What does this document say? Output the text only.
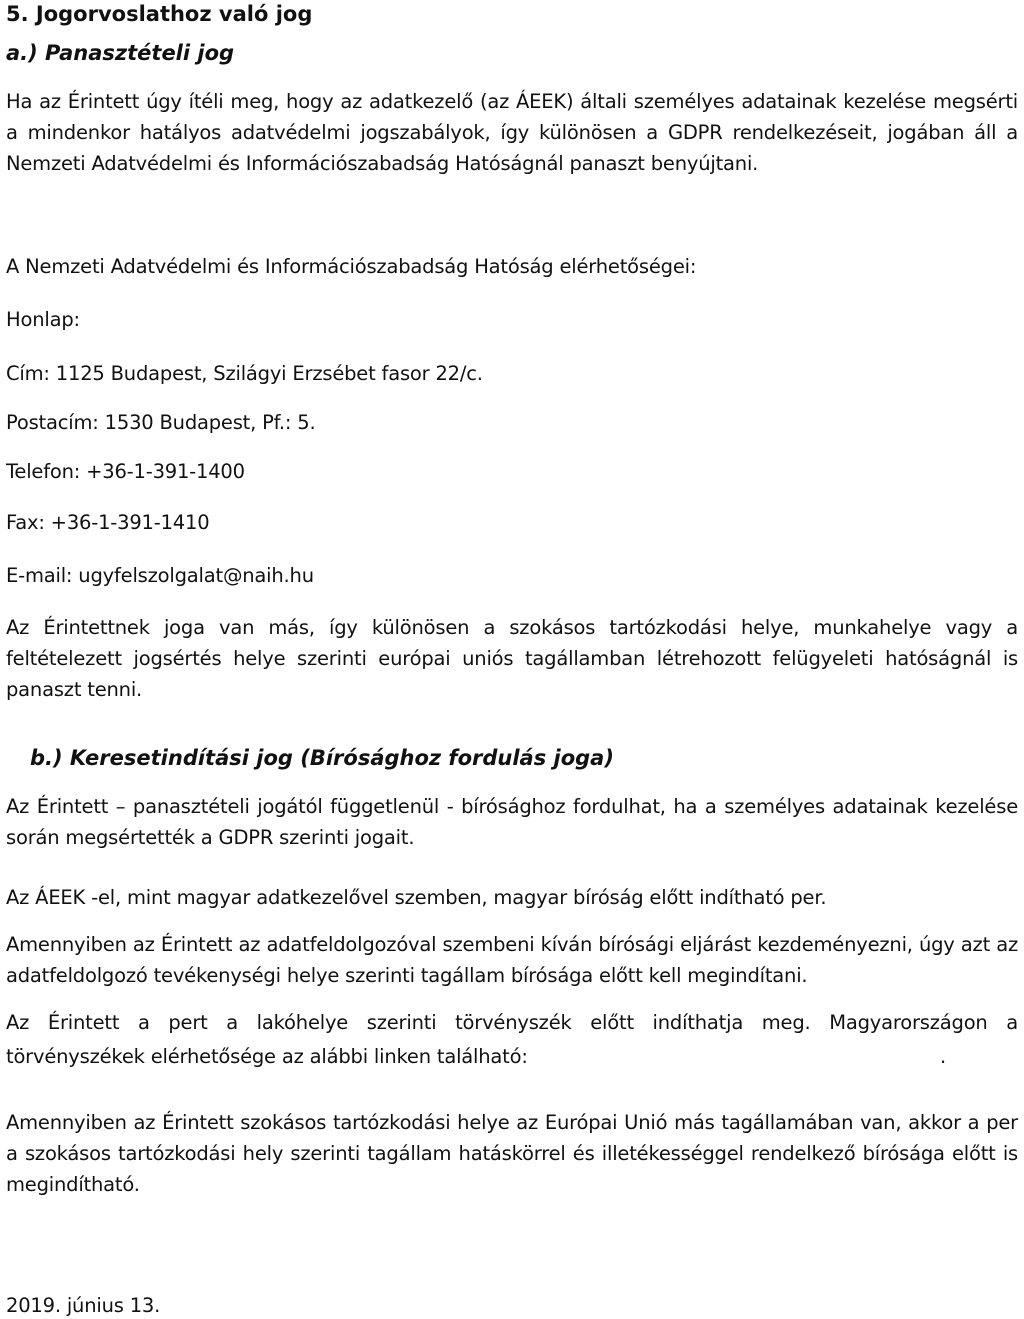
5. Jogorvoslathoz való jog
a.) Panasztételi jog
Ha az Érintett úgy ítéli meg, hogy az adatkezelő (az ÁEEK) általi személyes adatainak kezelése megsérti a mindenkor hatályos adatvédelmi jogszabályok, így különösen a GDPR rendelkezéseit, jogában áll a Nemzeti Adatvédelmi és Információszabadság Hatóságnál panaszt benyújtani.
A Nemzeti Adatvédelmi és Információszabadság Hatóság elérhetőségei:
Honlap:
Cím: 1125 Budapest, Szilágyi Erzsébet fasor 22/c.
Postacím: 1530 Budapest, Pf.: 5.
Telefon: +36-1-391-1400
Fax: +36-1-391-1410
E-mail: ugyfelszolgalat@naih.hu
Az Érintettnek joga van más, így különösen a szokásos tartózkodási helye, munkahelye vagy a feltételezett jogsértés helye szerinti európai uniós tagállamban létrehozott felügyeleti hatóságnál is panaszt tenni.
b.) Keresetindítási jog (Bírósághoz fordulás joga)
Az Érintett – panasztételi jogától függetlenül - bírósághoz fordulhat, ha a személyes adatainak kezelése során megsértették a GDPR szerinti jogait.
Az ÁEEK -el, mint magyar adatkezelővel szemben, magyar bíróság előtt indítható per.
Amennyiben az Érintett az adatfeldolgozóval szembeni kíván bírósági eljárást kezdeményezni, úgy azt az adatfeldolgozó tevékenységi helye szerinti tagállam bírósága előtt kell megindítani.
Az Érintett a pert a lakóhelye szerinti törvényszék előtt indíthatja meg. Magyarországon a
törvényszékek elérhetősége az alábbi linken található:	.
Amennyiben az Érintett szokásos tartózkodási helye az Európai Unió más tagállamában van, akkor a per a szokásos tartózkodási hely szerinti tagállam hatáskörrel és illetékességgel rendelkező bírósága előtt is megindítható.
2019. június 13.
